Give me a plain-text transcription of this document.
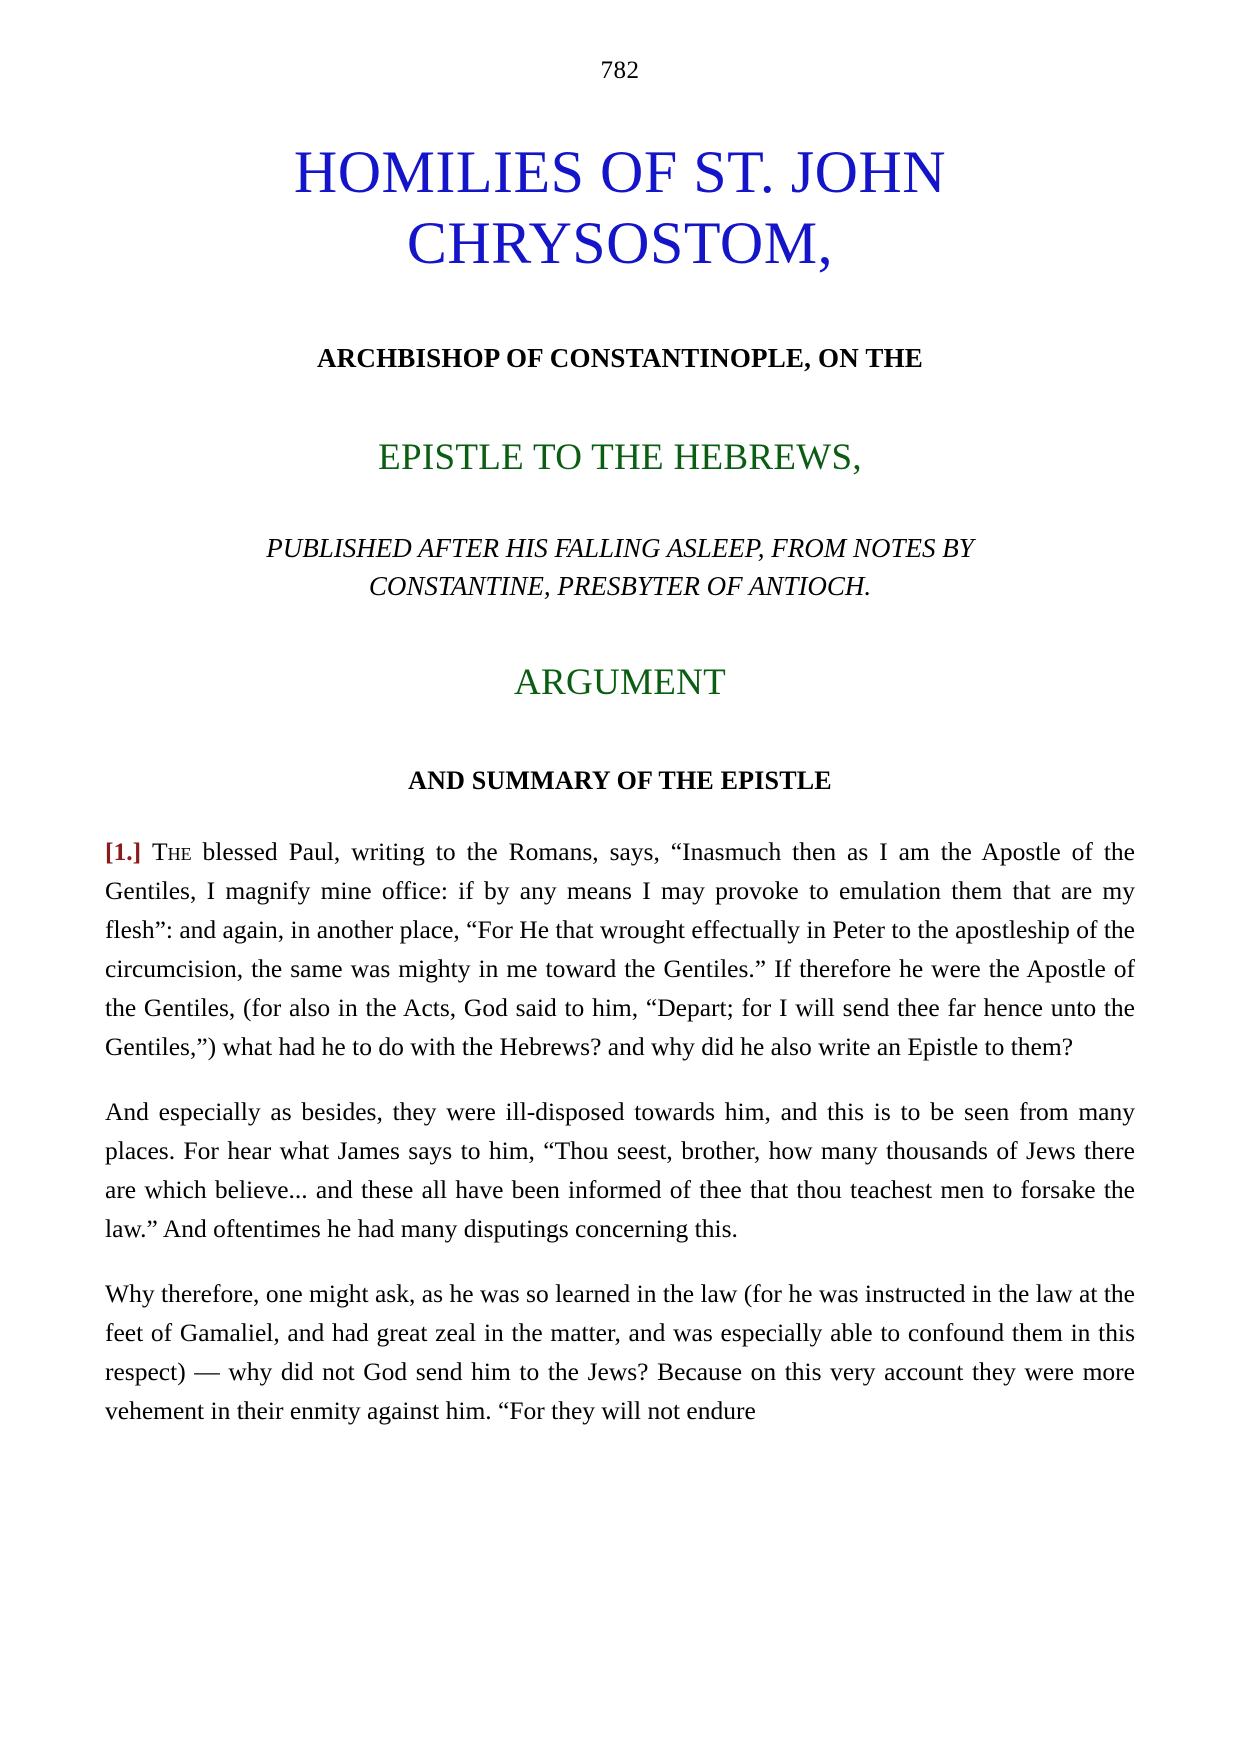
782
HOMILIES OF ST. JOHN CHRYSOSTOM,
ARCHBISHOP OF CONSTANTINOPLE, ON THE
EPISTLE TO THE HEBREWS,
PUBLISHED AFTER HIS FALLING ASLEEP, FROM NOTES BY
CONSTANTINE, PRESBYTER OF ANTIOCH.
ARGUMENT
AND SUMMARY OF THE EPISTLE

[1.] The blessed Paul, writing to the Romans, says, “Inasmuch then as I am the Apostle of the Gentiles, I magnify mine office: if by any means I may provoke to emulation them that are my flesh”: and again, in another place, “For He that wrought effectually in Peter to the apostleship of the circumcision, the same was mighty in me toward the Gentiles.” If therefore he were the Apostle of the Gentiles, (for also in the Acts, God said to him, “Depart; for I will send thee far hence unto the Gentiles,”) what had he to do with the Hebrews? and why did he also write an Epistle to them?

And especially as besides, they were ill-disposed towards him, and this is to be seen from many places. For hear what James says to him, “Thou seest, brother, how many thousands of Jews there are which believe... and these all have been informed of thee that thou teachest men to forsake the law.” And oftentimes he had many disputings concerning this.

Why therefore, one might ask, as he was so learned in the law (for he was instructed in the law at the feet of Gamaliel, and had great zeal in the matter, and was especially able to confound them in this respect) — why did not God send him to the Jews? Because on this very account they were more vehement in their enmity against him. “For they will not endure
